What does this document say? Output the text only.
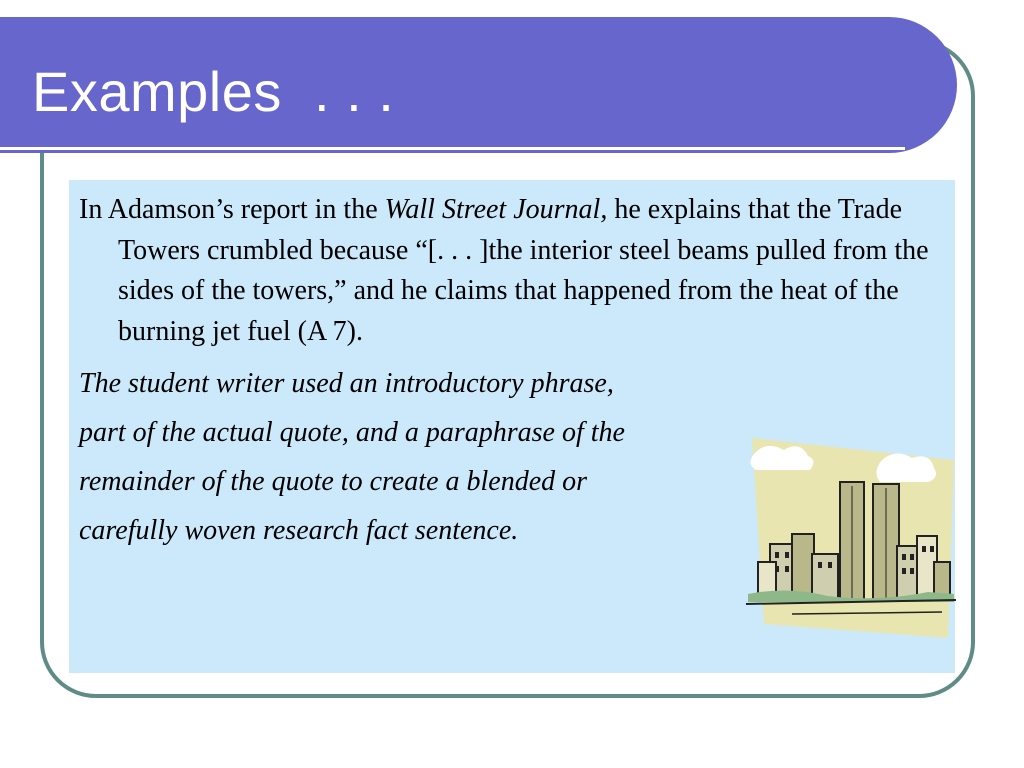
Examples  . . .

In Adamson’s report in the Wall Street Journal, he explains that the Trade Towers crumbled because “[. . . ]the interior steel beams pulled from the sides of the towers,” and he claims that happened from the heat of the burning jet fuel (A 7).

The student writer used an introductory phrase,
part of the actual quote, and a paraphrase of the
remainder of the quote to create a blended or
carefully woven research fact sentence.
